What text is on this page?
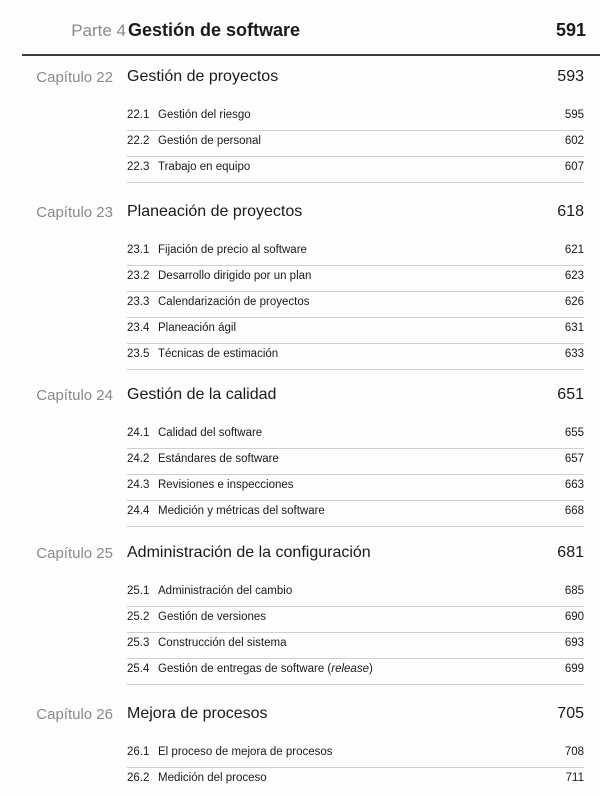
Parte 4 Gestión de software	591
Capítulo 22 Gestión de proyectos	593
22.1 Gestión del riesgo	595
22.2 Gestión de personal	602
22.3 Trabajo en equipo	607
Capítulo 23 Planeación de proyectos	618
23.1 Fijación de precio al software	621
23.2 Desarrollo dirigido por un plan	623
23.3 Calendarización de proyectos	626
23.4 Planeación ágil	631
23.5 Técnicas de estimación	633
Capítulo 24 Gestión de la calidad	651
24.1 Calidad del software	655
24.2 Estándares de software	657
24.3 Revisiones e inspecciones	663
24.4 Medición y métricas del software	668
Capítulo 25 Administración de la configuración	681
25.1 Administración del cambio	685
25.2 Gestión de versiones	690
25.3 Construcción del sistema	693
25.4 Gestión de entregas de software (release)	699
Capítulo 26 Mejora de procesos	705
26.1 El proceso de mejora de procesos	708
26.2 Medición del proceso	711
